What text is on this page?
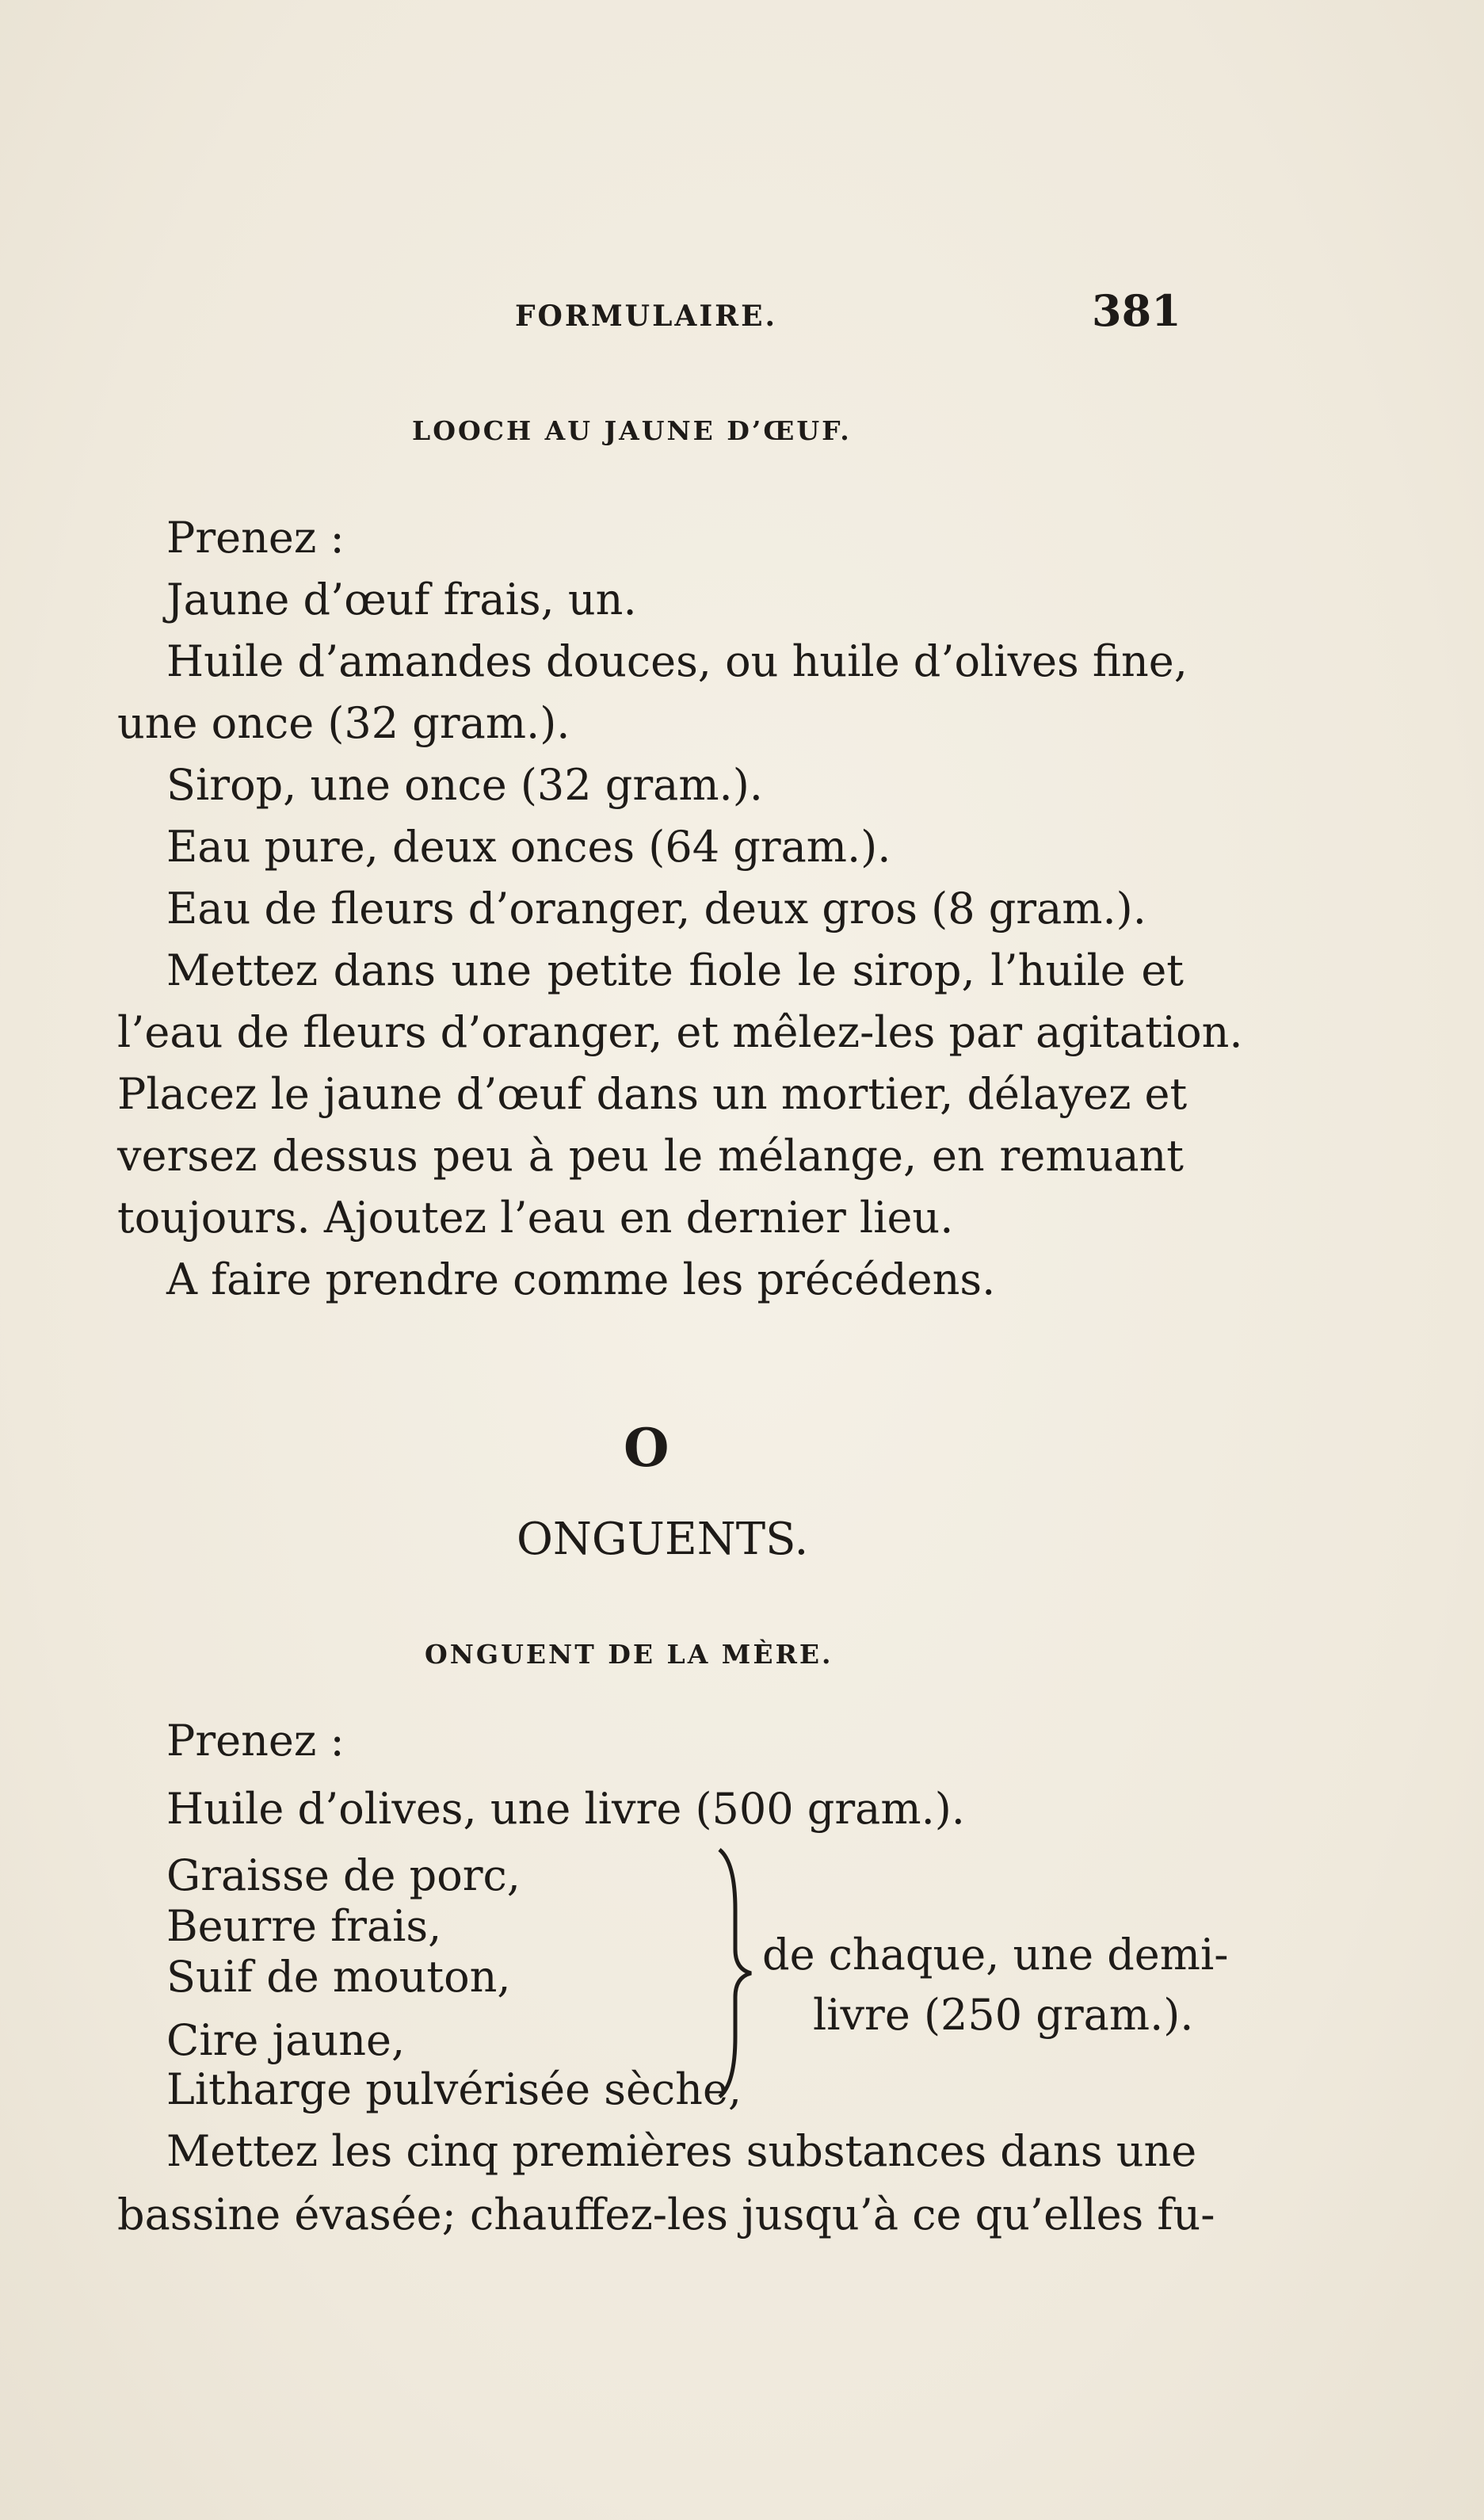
FORMULAIRE.	381
LOOCH AU JAUNE D’ŒUF.
Prenez :
Jaune d’œuf frais, un.
Huile d’amandes douces, ou huile d’olives fine,
une once (32 gram.).
Sirop, une once (32 gram.).
Eau pure, deux onces (64 gram.).
Eau de fleurs d’oranger, deux gros (8 gram.).
Mettez dans une petite fiole le sirop, l’huile et
l’eau de fleurs d’oranger, et mêlez-les par agitation.
Placez le jaune d’œuf dans un mortier, délayez et
versez dessus peu à peu le mélange, en remuant
toujours. Ajoutez l’eau en dernier lieu.
A faire prendre comme les précédens.
O
ONGUENTS.
ONGUENT DE LA MÈRE.
Prenez :
Huile d’olives, une livre (500 gram.).
Graisse de porc,
Beurre frais,
Suif de mouton,
Cire jaune,
Litharge pulvérisée sèche,
de chaque, une demi-
livre (250 gram.).
Mettez les cinq premières substances dans une
bassine évasée; chauffez-les jusqu’à ce qu’elles fu-
